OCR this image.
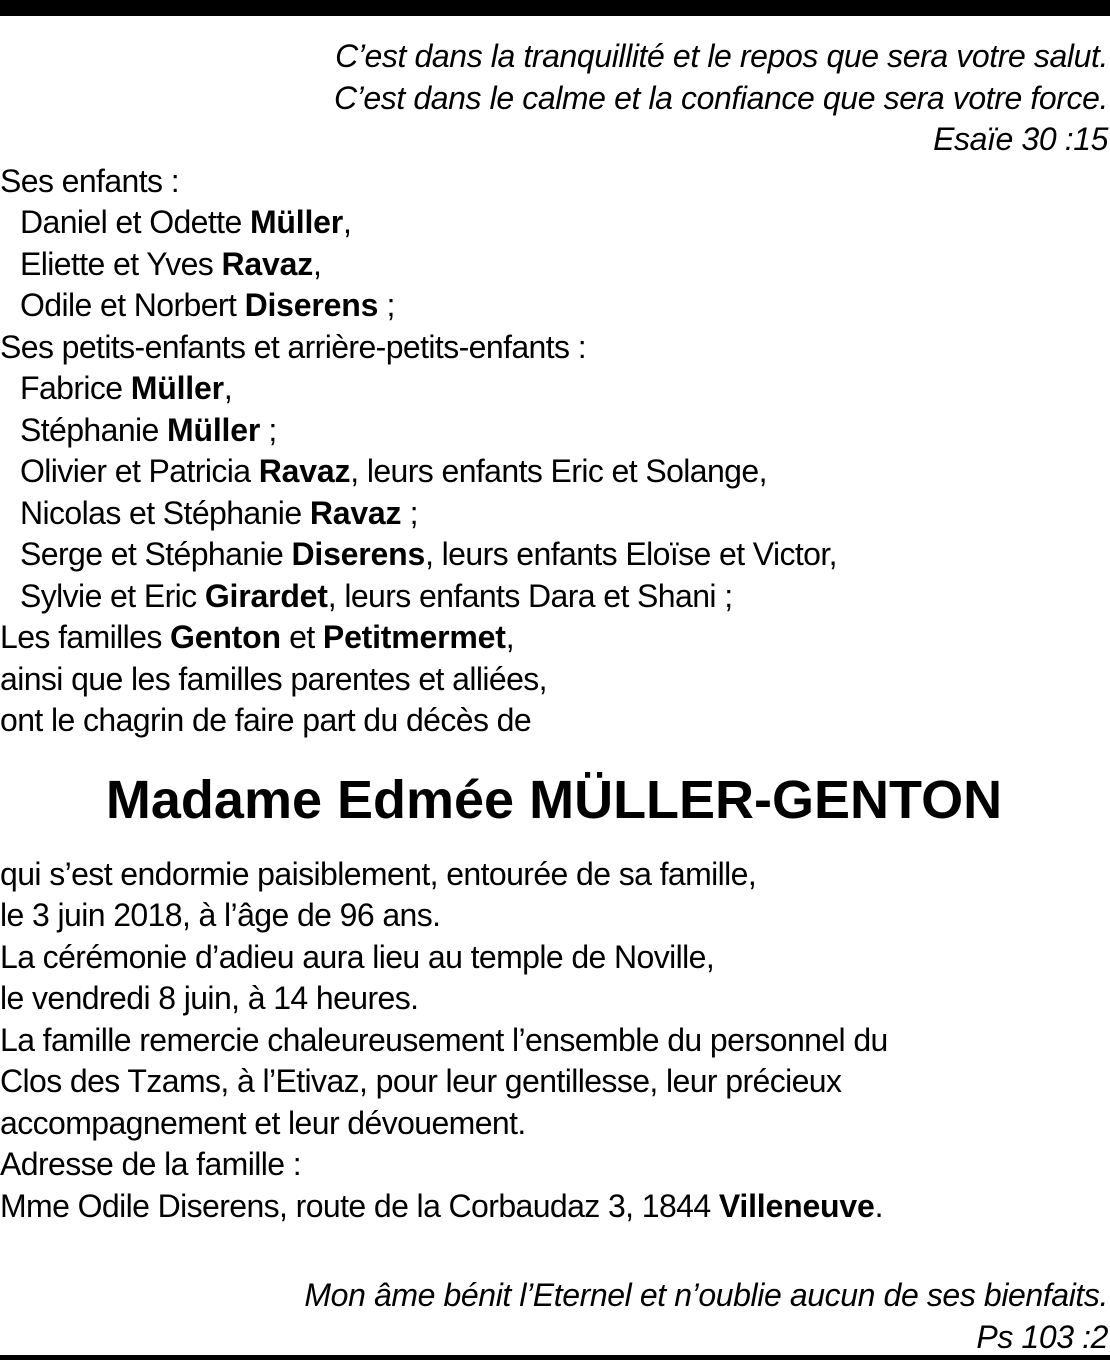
C’est dans la tranquillité et le repos que sera votre salut.
C’est dans le calme et la confiance que sera votre force.
Esaïe 30 :15
Ses enfants :
Daniel et Odette Müller,
Eliette et Yves Ravaz,
Odile et Norbert Diserens ;
Ses petits-enfants et arrière-petits-enfants :
Fabrice Müller,
Stéphanie Müller ;
Olivier et Patricia Ravaz, leurs enfants Eric et Solange,
Nicolas et Stéphanie Ravaz ;
Serge et Stéphanie Diserens, leurs enfants Eloïse et Victor,
Sylvie et Eric Girardet, leurs enfants Dara et Shani ;
Les familles Genton et Petitmermet,
ainsi que les familles parentes et alliées,
ont le chagrin de faire part du décès de
Madame Edmée MÜLLER-GENTON
qui s’est endormie paisiblement, entourée de sa famille,
le 3 juin 2018, à l’âge de 96 ans.
La cérémonie d’adieu aura lieu au temple de Noville,
le vendredi 8 juin, à 14 heures.
La famille remercie chaleureusement l’ensemble du personnel du
Clos des Tzams, à l’Etivaz, pour leur gentillesse, leur précieux
accompagnement et leur dévouement.
Adresse de la famille :
Mme Odile Diserens, route de la Corbaudaz 3, 1844 Villeneuve.
Mon âme bénit l’Eternel et n’oublie aucun de ses bienfaits.
Ps 103 :2
